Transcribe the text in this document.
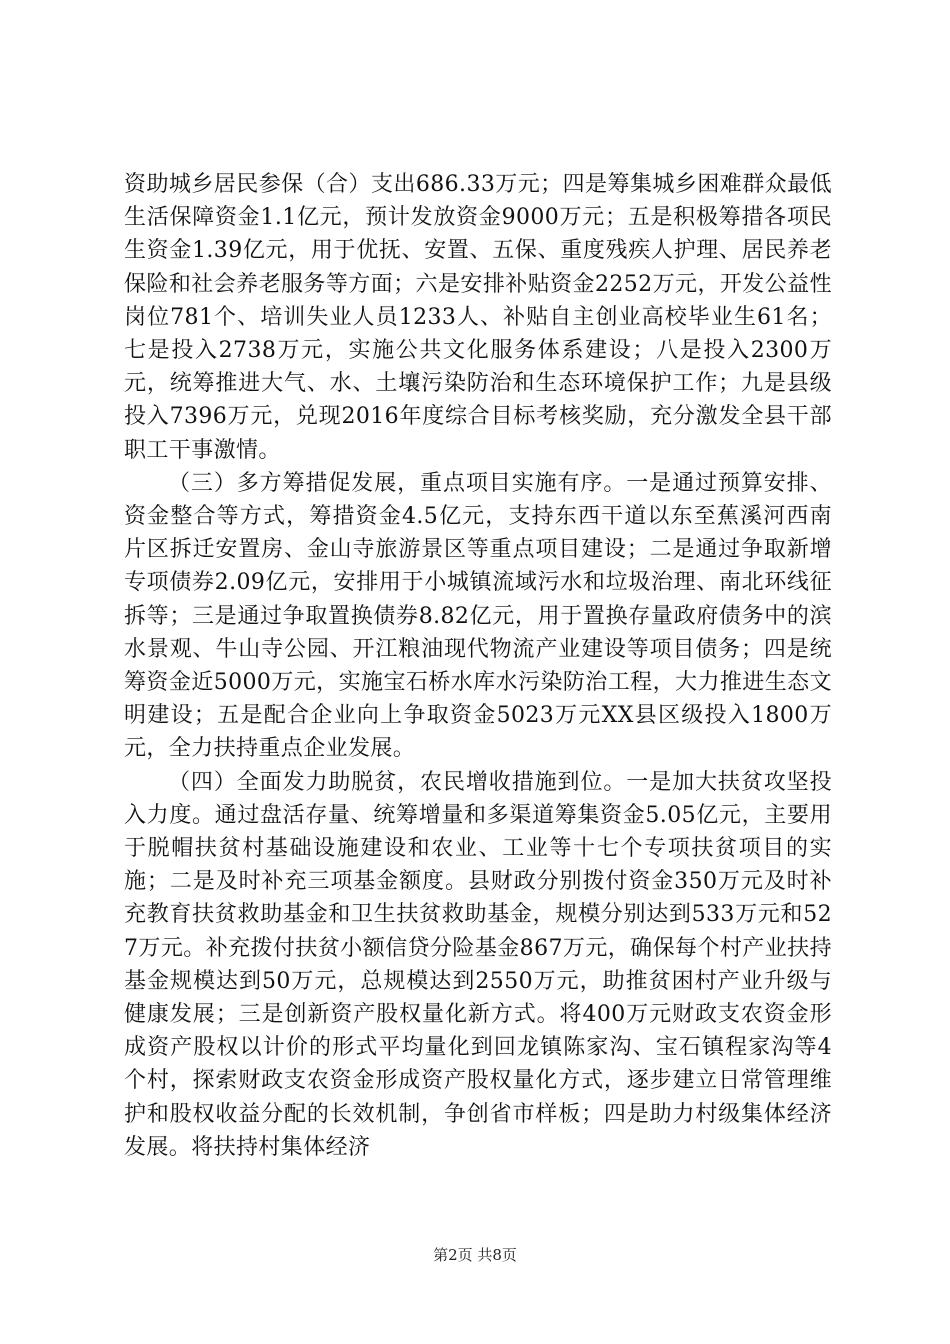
资助城乡居民参保（合）支出686.33万元；四是筹集城乡困难群众最低生活保障资金1.1亿元，预计发放资金9000万元；五是积极筹措各项民生资金1.39亿元，用于优抚、安置、五保、重度残疾人护理、居民养老保险和社会养老服务等方面；六是安排补贴资金2252万元，开发公益性岗位781个、培训失业人员1233人、补贴自主创业高校毕业生61名；七是投入2738万元，实施公共文化服务体系建设；八是投入2300万元，统筹推进大气、水、土壤污染防治和生态环境保护工作；九是县级投入7396万元，兑现2016年度综合目标考核奖励，充分激发全县干部职工干事激情。

（三）多方筹措促发展，重点项目实施有序。一是通过预算安排、资金整合等方式，筹措资金4.5亿元，支持东西干道以东至蕉溪河西南片区拆迁安置房、金山寺旅游景区等重点项目建设；二是通过争取新增专项债券2.09亿元，安排用于小城镇流域污水和垃圾治理、南北环线征拆等；三是通过争取置换债券8.82亿元，用于置换存量政府债务中的滨水景观、牛山寺公园、开江粮油现代物流产业建设等项目债务；四是统筹资金近5000万元，实施宝石桥水库水污染防治工程，大力推进生态文明建设；五是配合企业向上争取资金5023万元XX县区级投入1800万元，全力扶持重点企业发展。

（四）全面发力助脱贫，农民增收措施到位。一是加大扶贫攻坚投入力度。通过盘活存量、统筹增量和多渠道筹集资金5.05亿元，主要用于脱帽扶贫村基础设施建设和农业、工业等十七个专项扶贫项目的实施；二是及时补充三项基金额度。县财政分别拨付资金350万元及时补充教育扶贫救助基金和卫生扶贫救助基金，规模分别达到533万元和527万元。补充拨付扶贫小额信贷分险基金867万元，确保每个村产业扶持基金规模达到50万元，总规模达到2550万元，助推贫困村产业升级与健康发展；三是创新资产股权量化新方式。将400万元财政支农资金形成资产股权以计价的形式平均量化到回龙镇陈家沟、宝石镇程家沟等4个村，探索财政支农资金形成资产股权量化方式，逐步建立日常管理维护和股权收益分配的长效机制，争创省市样板；四是助力村级集体经济发展。将扶持村集体经济

第2页 共8页
